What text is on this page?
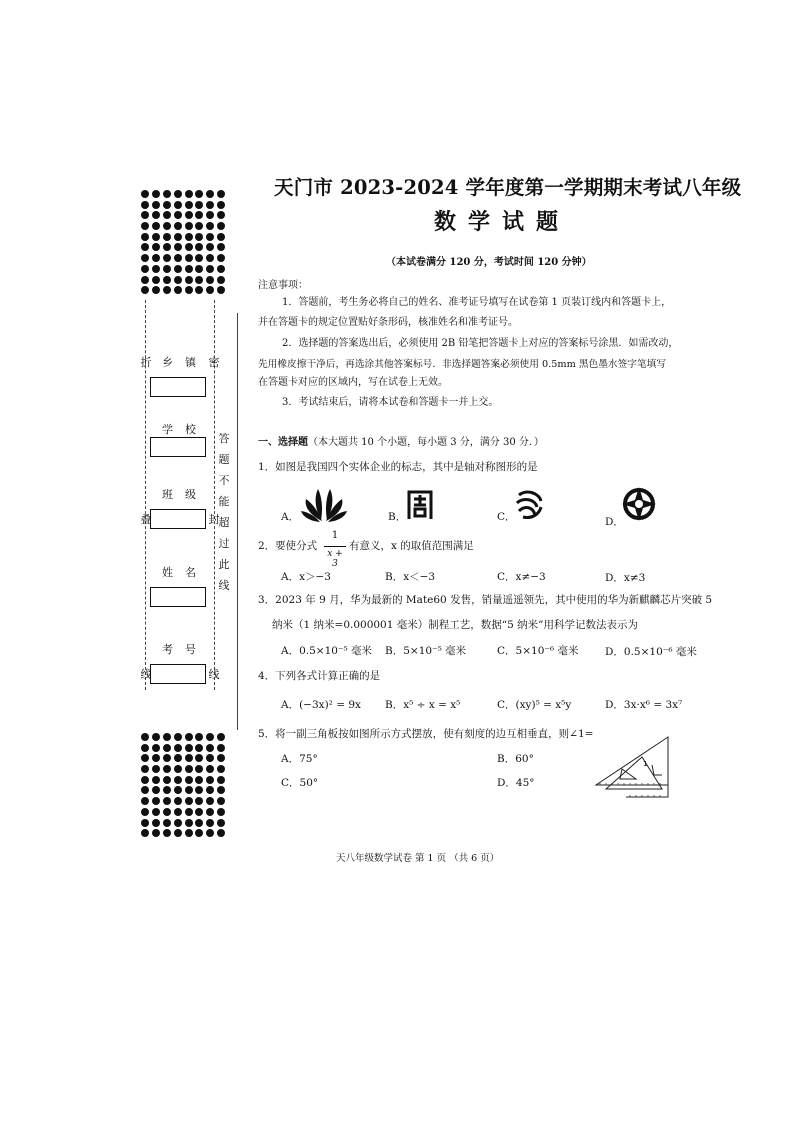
折
叠
线
密
封
线
乡镇
学校
班级
姓名
考号
答
题
不
能
超
过
此
线
天门市 2023-2024 学年度第一学期期末考试八年级
数学试题
（本试卷满分 120 分，考试时间 120 分钟）
注意事项：
1．答题前，考生务必将自己的姓名、准考证号填写在试卷第 1 页装订线内和答题卡上，
并在答题卡的规定位置贴好条形码，核准姓名和准考证号。
2．选择题的答案选出后，必须使用 2B 铅笔把答题卡上对应的答案标号涂黑．如需改动，
先用橡皮擦干净后，再选涂其他答案标号．非选择题答案必须使用 0.5mm 黑色墨水签字笔填写
在答题卡对应的区域内，写在试卷上无效。
3．考试结束后，请将本试卷和答题卡一并上交。
一、选择题（本大题共 10 个小题，每小题 3 分，满分 30 分．）
1．如图是我国四个实体企业的标志，其中是轴对称图形的是
A．	B．	C．	D．
2．要使分式
1
x + 3
有意义，x 的取值范围满足
A．x＞−3	B．x＜−3	C．x≠−3	D．x≠3
3．2023 年 9 月，华为最新的 Mate60 发售，销量遥遥领先，其中使用的华为新麒麟芯片突破 5
纳米（1 纳米=0.000001 毫米）制程工艺，数据“5 纳米”用科学记数法表示为
A．0.5×10⁻⁵ 毫米 B．5×10⁻⁵ 毫米	C．5×10⁻⁶ 毫米	D．0.5×10⁻⁶ 毫米
4．下列各式计算正确的是
A．(−3x)² = 9x B．x⁵ ÷ x = x⁵	C．(xy)⁵ = x⁵y	D．3x·x⁶ = 3x⁷
5．将一副三角板按如图所示方式摆放，使有刻度的边互相垂直，则∠1=
A．75°	B．60°
C．50°	D．45°
1
天八年级数学试卷 第 1 页 （共 6 页）
